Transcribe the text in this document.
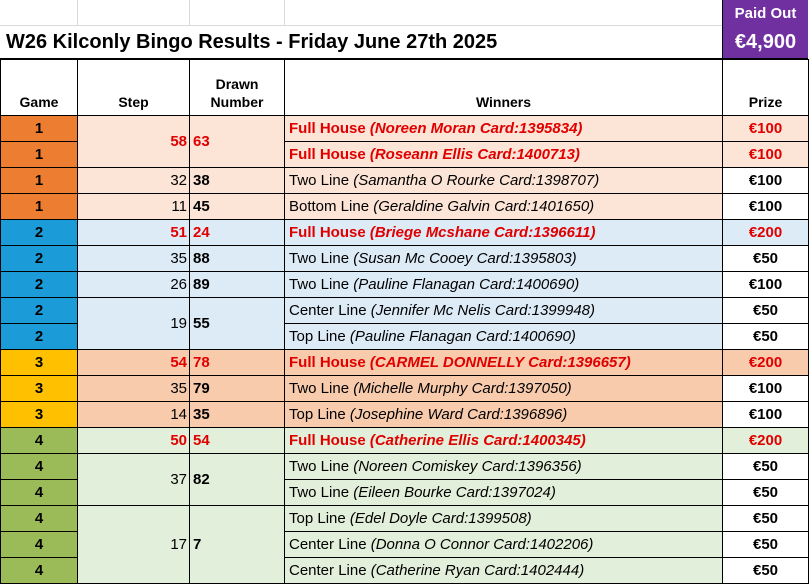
W26 Kilconly Bingo Results - Friday June 27th 2025
Paid Out
€4,900
Game	Step	Drawn Number	Winners	Prize
1	58	63	Full House (Noreen Moran Card:1395834)	€100
1			Full House (Roseann Ellis Card:1400713)	€100
1	32	38	Two Line (Samantha O Rourke Card:1398707)	€100
1	11	45	Bottom Line (Geraldine Galvin Card:1401650)	€100
2	51	24	Full House (Briege Mcshane Card:1396611)	€200
2	35	88	Two Line (Susan Mc Cooey Card:1395803)	€50
2	26	89	Two Line (Pauline Flanagan Card:1400690)	€100
2	19	55	Center Line (Jennifer Mc Nelis Card:1399948)	€50
2			Top Line (Pauline Flanagan Card:1400690)	€50
3	54	78	Full House (CARMEL DONNELLY Card:1396657)	€200
3	35	79	Two Line (Michelle Murphy Card:1397050)	€100
3	14	35	Top Line (Josephine Ward Card:1396896)	€100
4	50	54	Full House (Catherine Ellis Card:1400345)	€200
4	37	82	Two Line (Noreen Comiskey Card:1396356)	€50
4			Two Line (Eileen Bourke Card:1397024)	€50
4	17	7	Top Line (Edel Doyle Card:1399508)	€50
4			Center Line (Donna O Connor Card:1402206)	€50
4			Center Line (Catherine Ryan Card:1402444)	€50
